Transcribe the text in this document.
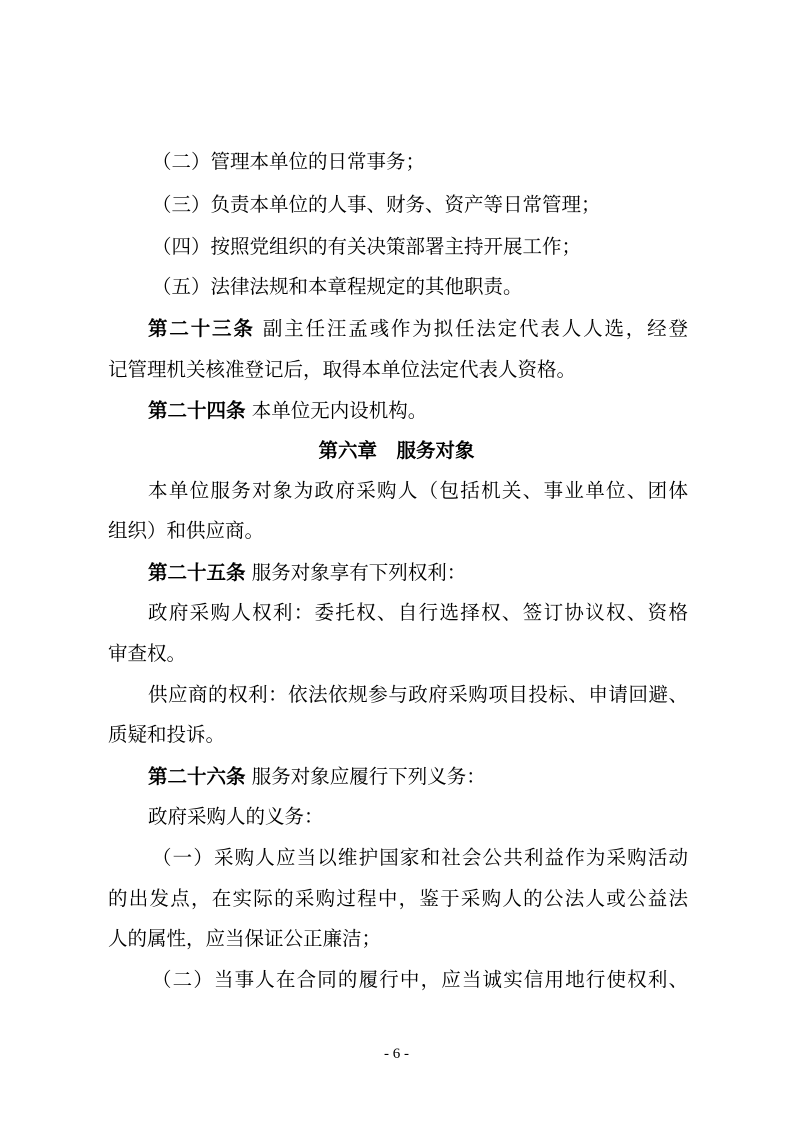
（二）管理本单位的日常事务；
（三）负责本单位的人事、财务、资产等日常管理；
（四）按照党组织的有关决策部署主持开展工作；
（五）法律法规和本章程规定的其他职责。
第二十三条 副主任汪孟彧作为拟任法定代表人人选，经登
记管理机关核准登记后，取得本单位法定代表人资格。
第二十四条 本单位无内设机构。
第六章　服务对象
本单位服务对象为政府采购人（包括机关、事业单位、团体
组织）和供应商。
第二十五条 服务对象享有下列权利：
政府采购人权利：委托权、自行选择权、签订协议权、资格
审查权。
供应商的权利：依法依规参与政府采购项目投标、申请回避、
质疑和投诉。
第二十六条 服务对象应履行下列义务：
政府采购人的义务：
（一）采购人应当以维护国家和社会公共利益作为采购活动
的出发点，在实际的采购过程中，鉴于采购人的公法人或公益法
人的属性，应当保证公正廉洁；
（二）当事人在合同的履行中，应当诚实信用地行使权利、
- 6 -
